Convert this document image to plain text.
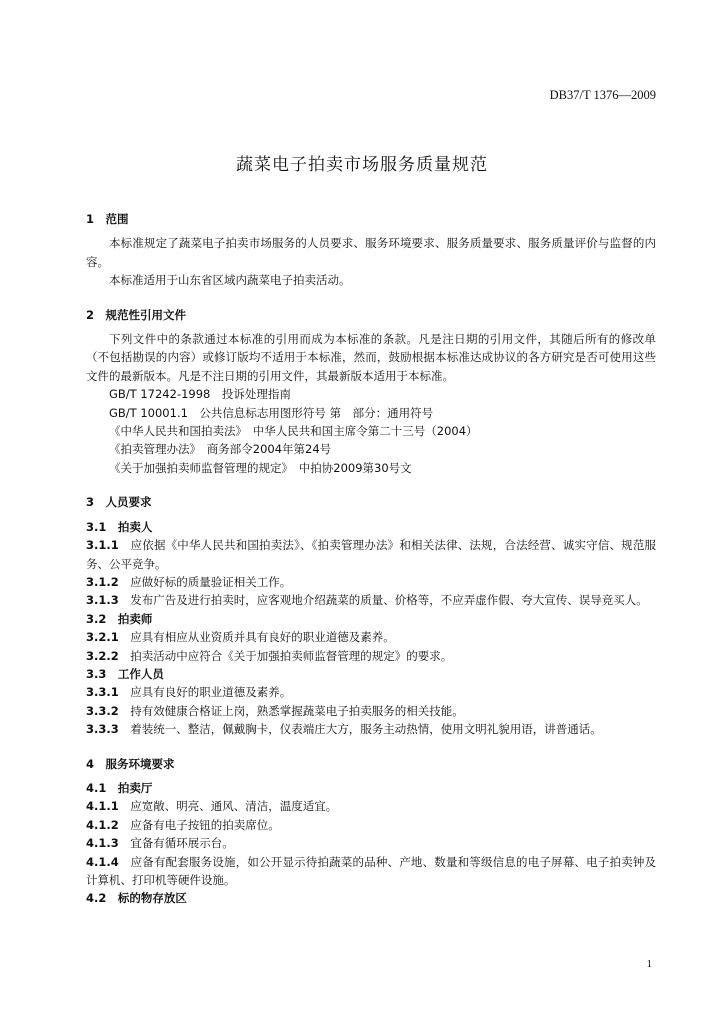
DB37/T 1376—2009
蔬菜电子拍卖市场服务质量规范
1　范围
本标准规定了蔬菜电子拍卖市场服务的人员要求、服务环境要求、服务质量要求、服务质量评价与监督的内容。
本标准适用于山东省区域内蔬菜电子拍卖活动。
2　规范性引用文件
下列文件中的条款通过本标准的引用而成为本标准的条款。凡是注日期的引用文件，其随后所有的修改单（不包括勘误的内容）或修订版均不适用于本标准，然而，鼓励根据本标准达成协议的各方研究是否可使用这些文件的最新版本。凡是不注日期的引用文件，其最新版本适用于本标准。
GB/T 17242-1998　投诉处理指南
GB/T 10001.1　公共信息标志用图形符号 第　部分：通用符号
《中华人民共和国拍卖法》　中华人民共和国主席令第二十三号（2004）
《拍卖管理办法》　商务部令2004年第24号
《关于加强拍卖师监督管理的规定》　中拍协2009第30号文
3　人员要求
3.1　拍卖人
3.1.1　 应依据《中华人民共和国拍卖法》、《拍卖管理办法》和相关法律、法规，合法经营、诚实守信、规范服务、公平竞争。
3.1.2　 应做好标的质量验证相关工作。
3.1.3　 发布广告及进行拍卖时，应客观地介绍蔬菜的质量、价格等，不应弄虚作假、夸大宣传、误导竞买人。
3.2　拍卖师
3.2.1　 应具有相应从业资质并具有良好的职业道德及素养。
3.2.2　 拍卖活动中应符合《关于加强拍卖师监督管理的规定》的要求。
3.3　工作人员
3.3.1　 应具有良好的职业道德及素养。
3.3.2　 持有效健康合格证上岗，熟悉掌握蔬菜电子拍卖服务的相关技能。
3.3.3　 着装统一、整洁，佩戴胸卡，仪表端庄大方，服务主动热情，使用文明礼貌用语，讲普通话。
4　服务环境要求
4.1　拍卖厅
4.1.1　 应宽敞、明亮、通风、清洁，温度适宜。
4.1.2　 应备有电子按钮的拍卖席位。
4.1.3　 宜备有循环展示台。
4.1.4　 应备有配套服务设施，如公开显示待拍蔬菜的品种、产地、数量和等级信息的电子屏幕、电子拍卖钟及计算机、打印机等硬件设施。
4.2　标的物存放区
1
